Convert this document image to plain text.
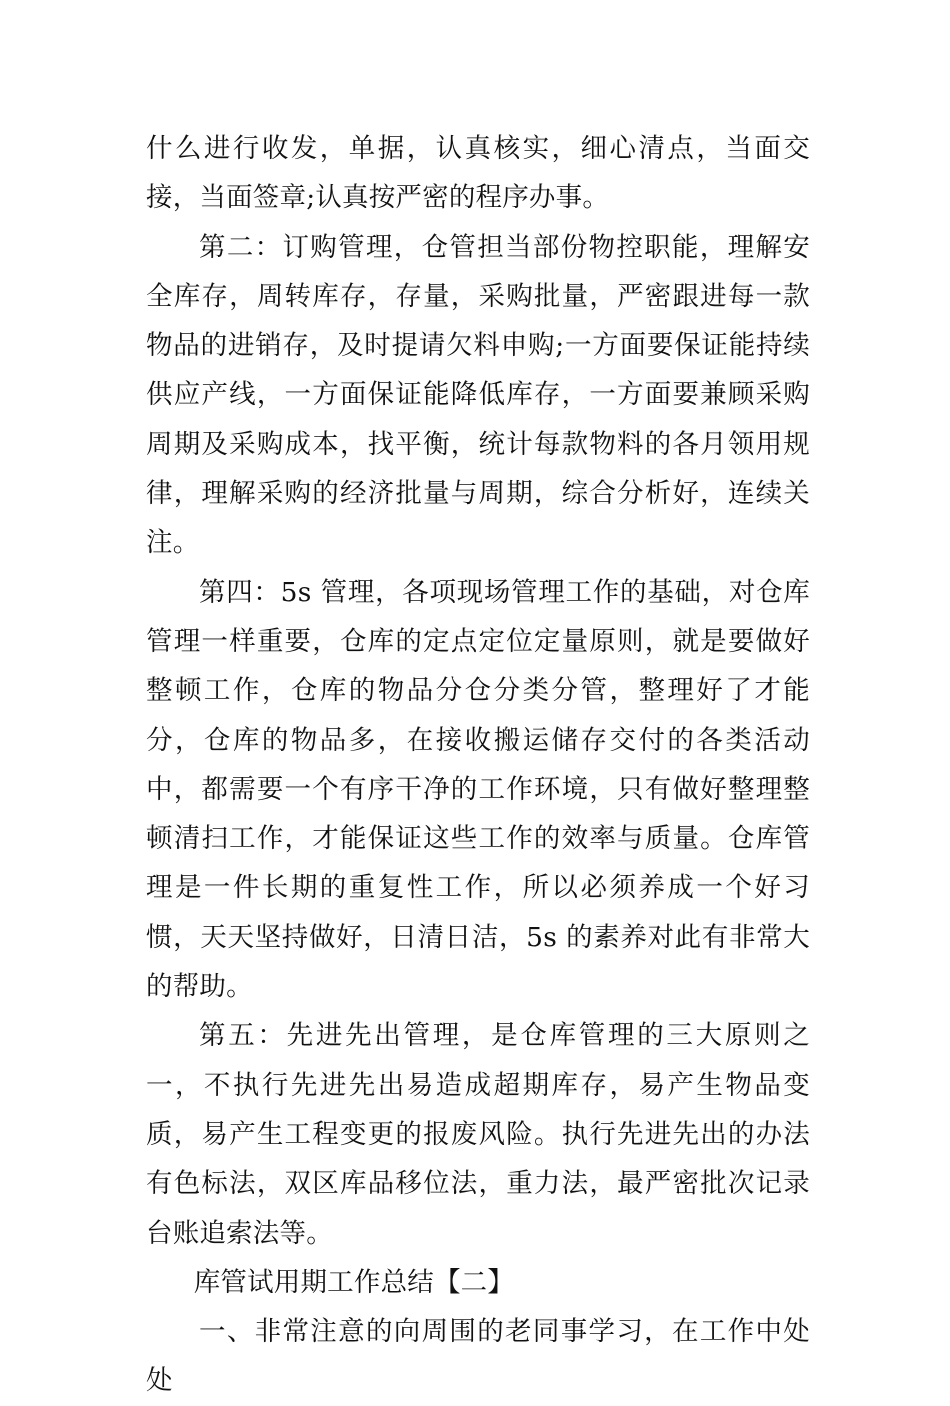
什么进行收发，单据，认真核实，细心清点，当面交接，当面签章;认真按严密的程序办事。

第二：订购管理，仓管担当部份物控职能，理解安全库存，周转库存，存量，采购批量，严密跟进每一款物品的进销存，及时提请欠料申购;一方面要保证能持续供应产线，一方面保证能降低库存，一方面要兼顾采购周期及采购成本，找平衡，统计每款物料的各月领用规律，理解采购的经济批量与周期，综合分析好，连续关注。

第四：5s 管理，各项现场管理工作的基础，对仓库管理一样重要，仓库的定点定位定量原则，就是要做好整顿工作，仓库的物品分仓分类分管，整理好了才能分，仓库的物品多，在接收搬运储存交付的各类活动中，都需要一个有序干净的工作环境，只有做好整理整顿清扫工作，才能保证这些工作的效率与质量。仓库管理是一件长期的重复性工作，所以必须养成一个好习惯，天天坚持做好，日清日洁，5s 的素养对此有非常大的帮助。

第五：先进先出管理，是仓库管理的三大原则之一，不执行先进先出易造成超期库存，易产生物品变质，易产生工程变更的报废风险。执行先进先出的办法有色标法，双区库品移位法，重力法，最严密批次记录台账追索法等。

库管试用期工作总结【二】

一、非常注意的向周围的老同事学习，在工作中处处
